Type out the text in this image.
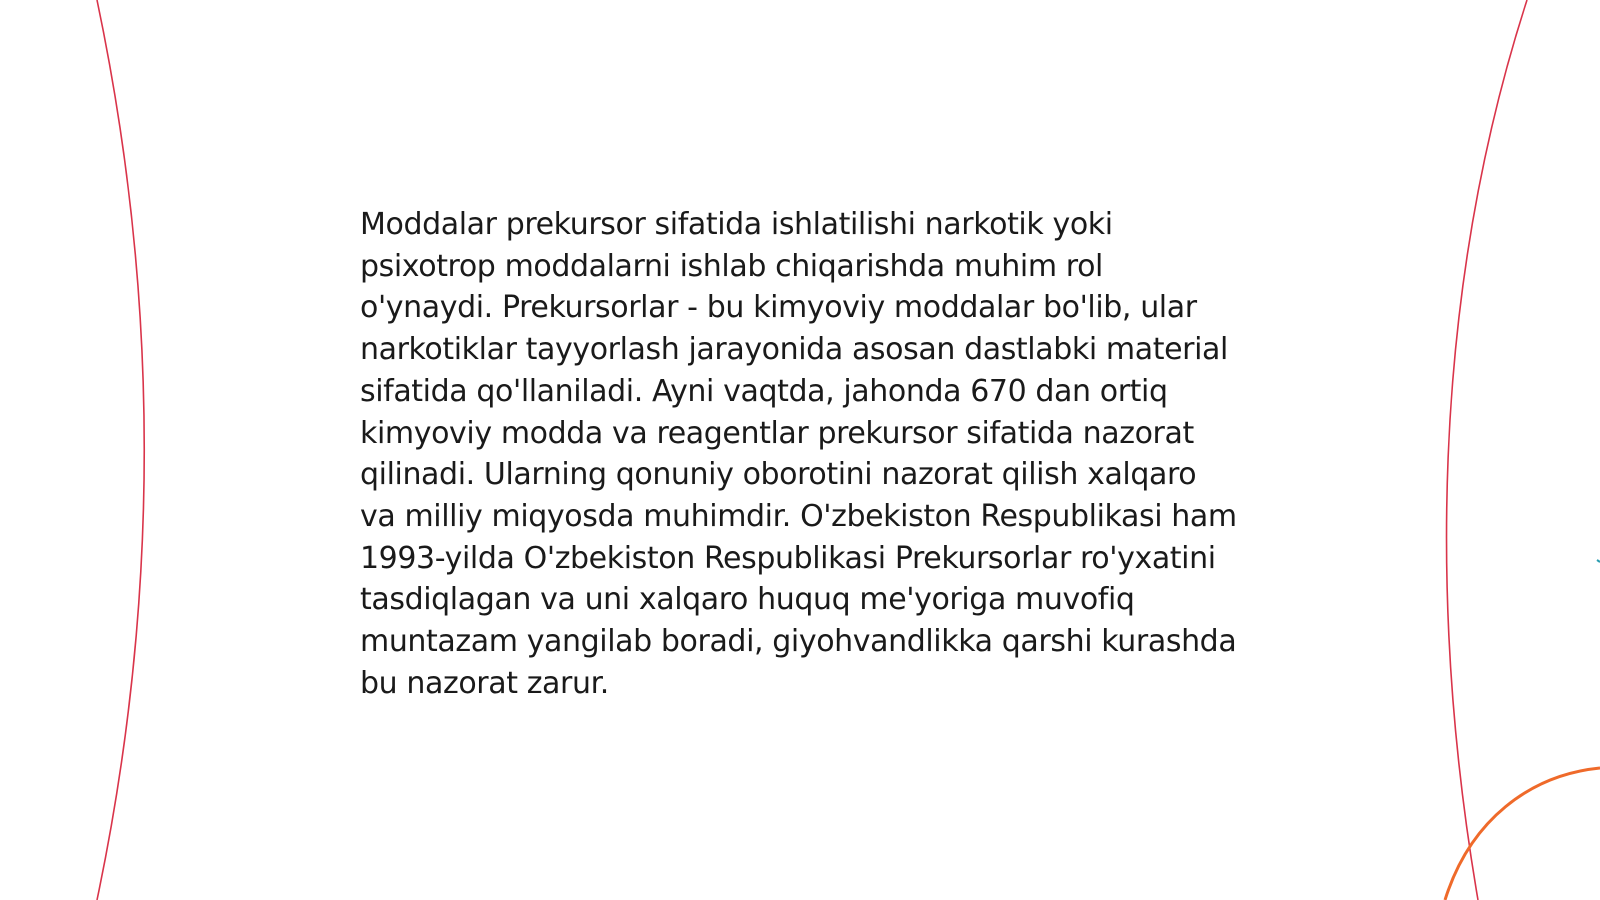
Moddalar prekursor sifatida ishlatilishi narkotik yoki psixotrop moddalarni ishlab chiqarishda muhim rol o'ynaydi. Prekursorlar - bu kimyoviy moddalar bo'lib, ular narkotiklar tayyorlash jarayonida asosan dastlabki material sifatida qo'llaniladi. Ayni vaqtda, jahonda 670 dan ortiq kimyoviy modda va reagentlar prekursor sifatida nazorat qilinadi. Ularning qonuniy oborotini nazorat qilish xalqaro va milliy miqyosda muhimdir. O'zbekiston Respublikasi ham 1993-yilda O'zbekiston Respublikasi Prekursorlar ro'yxatini tasdiqlagan va uni xalqaro huquq me'yoriga muvofiq muntazam yangilab boradi, giyohvandlikka qarshi kurashda bu nazorat zarur.
